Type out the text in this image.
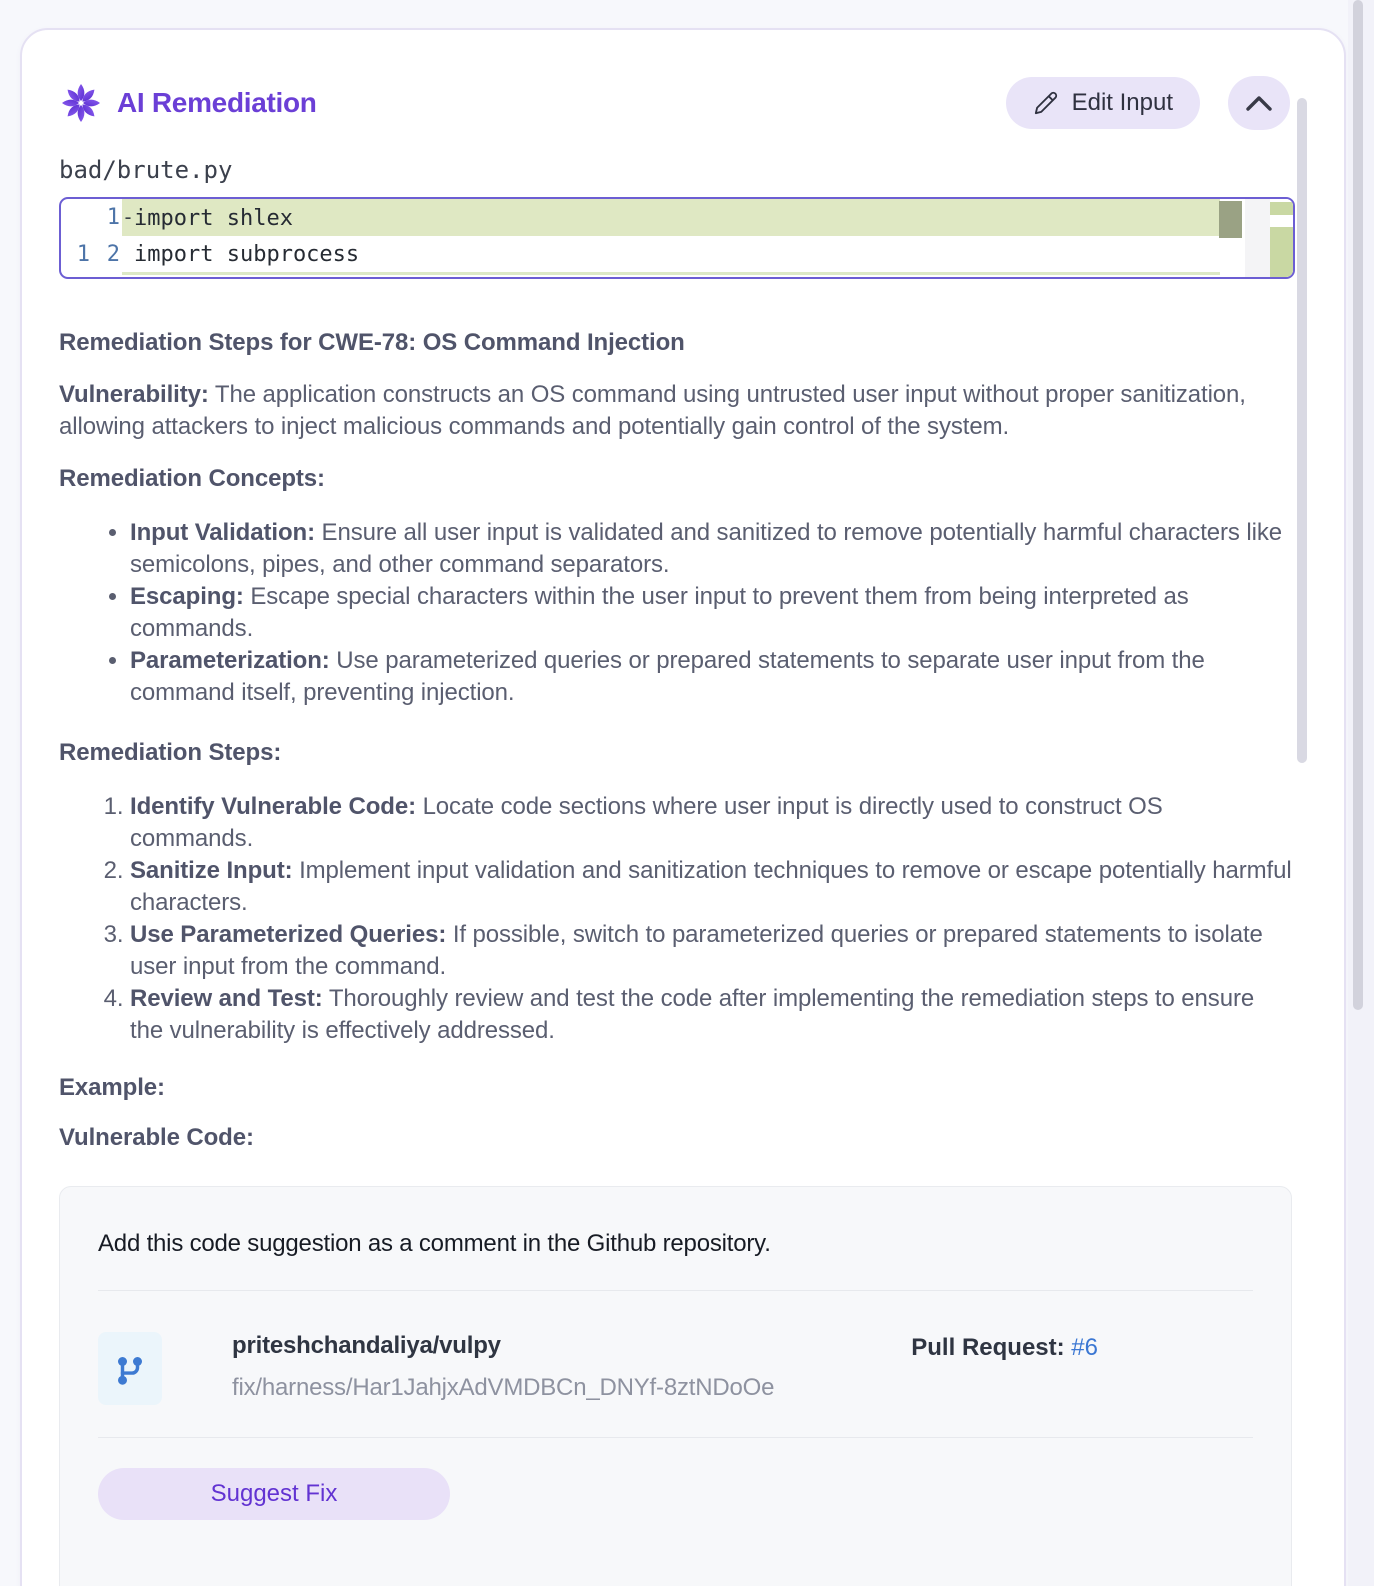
AI Remediation	Edit Input
bad/brute.py
1 -import shlex
1 2 import subprocess
Remediation Steps for CWE-78: OS Command Injection

Vulnerability: The application constructs an OS command using untrusted user input without proper sanitization, allowing attackers to inject malicious commands and potentially gain control of the system.

Remediation Concepts:
• Input Validation: Ensure all user input is validated and sanitized to remove potentially harmful characters like semicolons, pipes, and other command separators.
• Escaping: Escape special characters within the user input to prevent them from being interpreted as commands.
• Parameterization: Use parameterized queries or prepared statements to separate user input from the command itself, preventing injection.
Remediation Steps:
1. Identify Vulnerable Code: Locate code sections where user input is directly used to construct OS commands.
2. Sanitize Input: Implement input validation and sanitization techniques to remove or escape potentially harmful characters.
3. Use Parameterized Queries: If possible, switch to parameterized queries or prepared statements to isolate user input from the command.
4. Review and Test: Thoroughly review and test the code after implementing the remediation steps to ensure the vulnerability is effectively addressed.
Example:
Vulnerable Code:
Add this code suggestion as a comment in the Github repository.
priteshchandaliya/vulpy
fix/harness/Har1JahjxAdVMDBCn_DNYf-8ztNDoOe
Pull Request: #6
Suggest Fix
